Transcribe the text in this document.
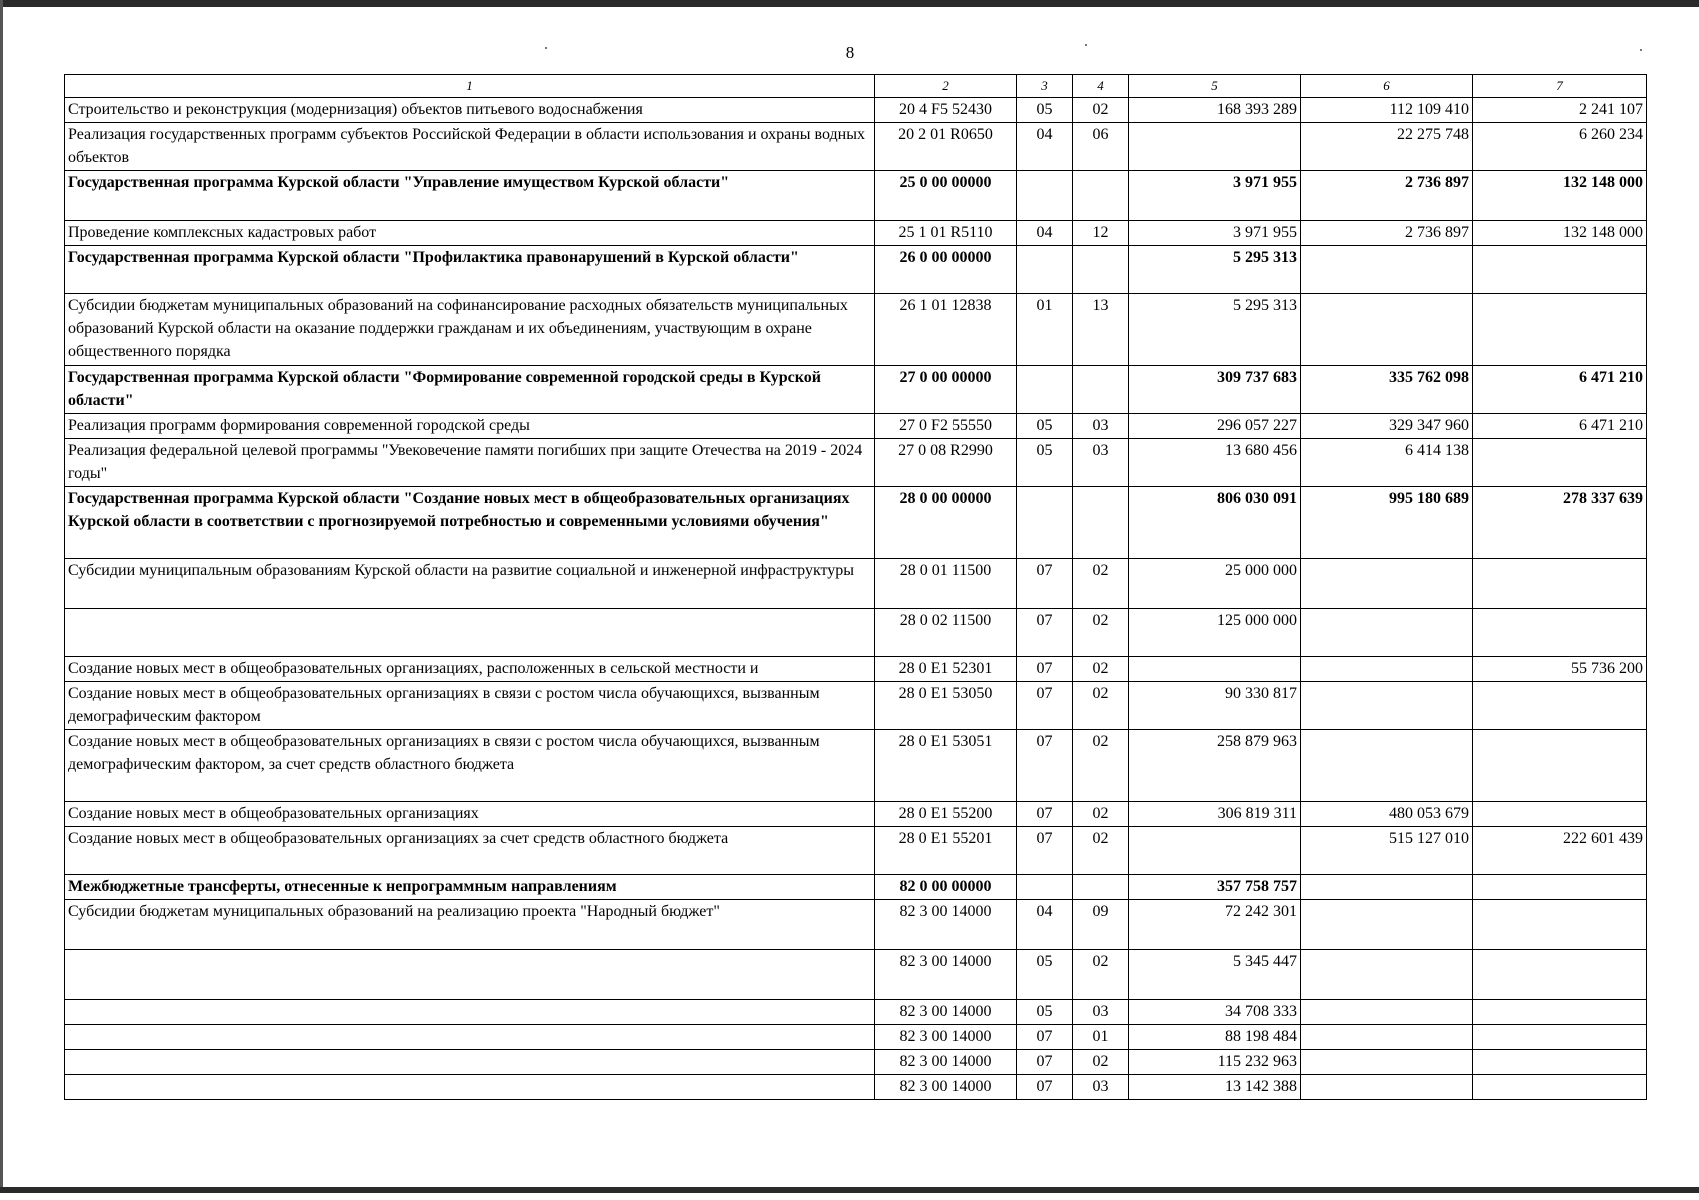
8
1	2	3	4	5	6	7
Строительство и реконструкция (модернизация) объектов питьевого водоснабжения	20 4 F5 52430	05	02	168 393 289	112 109 410	2 241 107
Реализация государственных программ субъектов Российской Федерации в области использования и охраны водных объектов	20 2 01 R0650	04	06		22 275 748	6 260 234
Государственная программа Курской области "Управление имуществом Курской области"	25 0 00 00000			3 971 955	2 736 897	132 148 000
Проведение комплексных кадастровых работ	25 1 01 R5110	04	12	3 971 955	2 736 897	132 148 000
Государственная программа Курской области "Профилактика правонарушений в Курской области"	26 0 00 00000			5 295 313		
Субсидии бюджетам муниципальных образований на софинансирование расходных обязательств муниципальных образований Курской области на оказание поддержки гражданам и их объединениям, участвующим в охране общественного порядка	26 1 01 12838	01	13	5 295 313		
Государственная программа Курской области "Формирование современной городской среды в Курской области"	27 0 00 00000			309 737 683	335 762 098	6 471 210
Реализация программ формирования современной городской среды	27 0 F2 55550	05	03	296 057 227	329 347 960	6 471 210
Реализация федеральной целевой программы "Увековечение памяти погибших при защите Отечества на 2019 - 2024 годы"	27 0 08 R2990	05	03	13 680 456	6 414 138	
Государственная программа Курской области "Создание новых мест в общеобразовательных организациях Курской области в соответствии с прогнозируемой потребностью и современными условиями обучения"	28 0 00 00000			806 030 091	995 180 689	278 337 639
Субсидии муниципальным образованиям Курской области на развитие социальной и инженерной инфраструктуры	28 0 01 11500	07	02	25 000 000		
	28 0 02 11500	07	02	125 000 000		
Создание новых мест в общеобразовательных организациях, расположенных в сельской местности и	28 0 E1 52301	07	02			55 736 200
Создание новых мест в общеобразовательных организациях в связи с ростом числа обучающихся, вызванным демографическим фактором	28 0 E1 53050	07	02	90 330 817		
Создание новых мест в общеобразовательных организациях в связи с ростом числа обучающихся, вызванным демографическим фактором, за счет средств областного бюджета	28 0 E1 53051	07	02	258 879 963		
Создание новых мест в общеобразовательных организациях	28 0 E1 55200	07	02	306 819 311	480 053 679	
Создание новых мест в общеобразовательных организациях за счет средств областного бюджета	28 0 E1 55201	07	02		515 127 010	222 601 439
Межбюджетные трансферты, отнесенные к непрограммным направлениям	82 0 00 00000			357 758 757		
Субсидии бюджетам муниципальных образований на реализацию проекта "Народный бюджет"	82 3 00 14000	04	09	72 242 301		
	82 3 00 14000	05	02	5 345 447		
	82 3 00 14000	05	03	34 708 333		
	82 3 00 14000	07	01	88 198 484		
	82 3 00 14000	07	02	115 232 963		
	82 3 00 14000	07	03	13 142 388		
